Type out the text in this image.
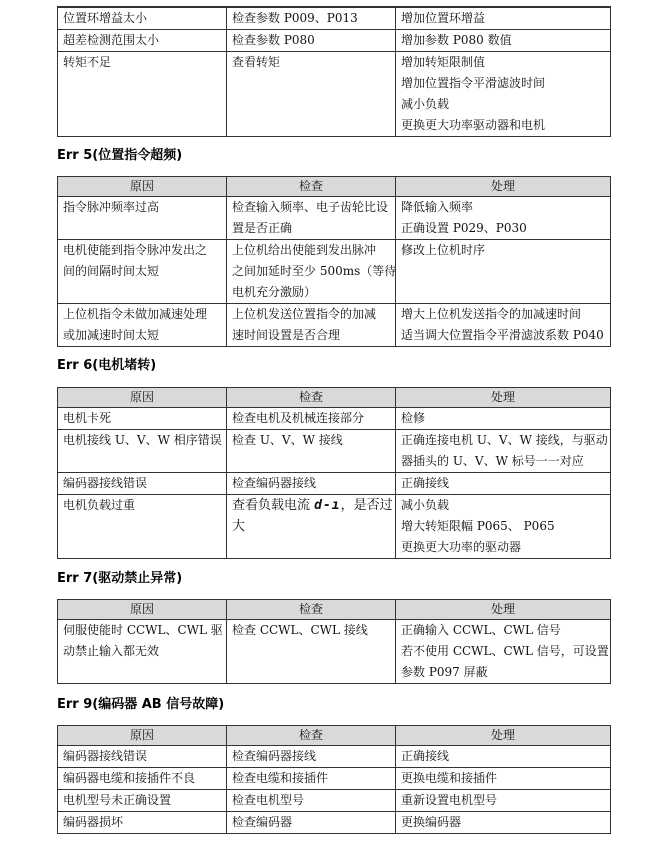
位置环增益太小	检查参数 P009、P013	增加位置环增益

超差检测范围太小	检查参数 P080	增加参数 P080 数值

转矩不足	查看转矩	增加转矩限制值
增加位置指令平滑滤波时间
减小负载
更换更大功率驱动器和电机
Err 5(位置指令超频)
原因	检查	处理

指令脉冲频率过高	检查输入频率、电子齿轮比设
置是否正确	降低输入频率
正确设置 P029、P030

电机使能到指令脉冲发出之
间的间隔时间太短	上位机给出使能到发出脉冲
之间加延时至少 500ms（等待
电机充分激励）	修改上位机时序

上位机指令未做加减速处理
或加减速时间太短	上位机发送位置指令的加减
速时间设置是否合理	增大上位机发送指令的加减速时间
适当调大位置指令平滑滤波系数 P040
Err 6(电机堵转)
原因	检查	处理

电机卡死	检查电机及机械连接部分	检修

电机接线 U、V、W 相序错误	检查 U、V、W 接线	正确连接电机 U、V、W 接线，与驱动
器插头的 U、V、W 标号一一对应

编码器接线错误	检查编码器接线	正确接线

电机负载过重	查看负载电流 d-ı，是否过
大	减小负载
增大转矩限幅 P065、 P065
更换更大功率的驱动器
Err 7(驱动禁止异常)
原因	检查	处理

伺服使能时 CCWL、CWL 驱
动禁止输入都无效	检查 CCWL、CWL 接线	正确输入 CCWL、CWL 信号
若不使用 CCWL、CWL 信号，可设置
参数 P097 屏蔽
Err 9(编码器 AB 信号故障)
原因	检查	处理

编码器接线错误	检查编码器接线	正确接线

编码器电缆和接插件不良	检查电缆和接插件	更换电缆和接插件

电机型号未正确设置	检查电机型号	重新设置电机型号

编码器损坏	检查编码器	更换编码器
